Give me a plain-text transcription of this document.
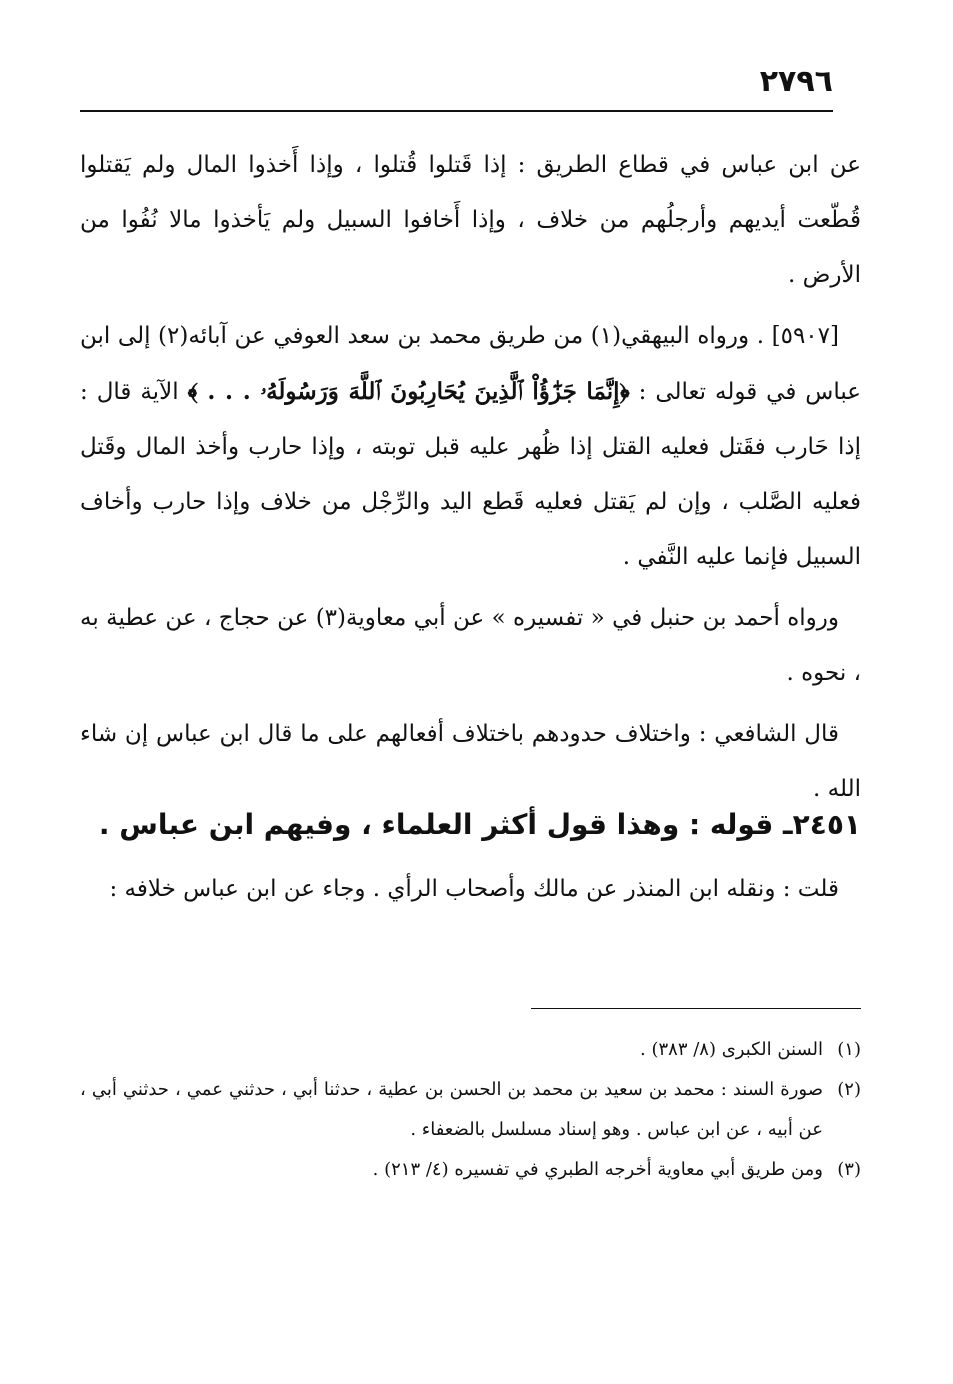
٢٧٩٦

عن ابن عباس في قطاع الطريق : إذا قَتلوا قُتلوا ، وإذا أَخذوا المال ولم يَقتلوا قُطّعت أيديهم وأرجلُهم من خلاف ، وإذا أَخافوا السبيل ولم يَأخذوا مالا نُفُوا من الأرض .

[٥٩٠٧] . ورواه البيهقي(١) من طريق محمد بن سعد العوفي عن آبائه(٢) إلى ابن عباس في قوله تعالى : ﴿إِنَّمَا جَزَٰٓؤُاْ ٱلَّذِينَ يُحَارِبُونَ ٱللَّهَ وَرَسُولَهُۥ . . . ﴾ الآية قال : إذا حَارب فقَتل فعليه القتل إذا ظُهر عليه قبل توبته ، وإذا حارب وأخذ المال وقَتل فعليه الصَّلب ، وإن لم يَقتل فعليه قَطع اليد والرِّجْل من خلاف وإذا حارب وأخاف السبيل فإنما عليه النَّفي .

ورواه أحمد بن حنبل في « تفسيره » عن أبي معاوية(٣) عن حجاج ، عن عطية به ، نحوه .

قال الشافعي : واختلاف حدودهم باختلاف أفعالهم على ما قال ابن عباس إن شاء الله .

٢٤٥١ـ قوله : وهذا قول أكثر العلماء ، وفيهم ابن عباس .

قلت : ونقله ابن المنذر عن مالك وأصحاب الرأي . وجاء عن ابن عباس خلافه :

(١)
السنن الكبرى (٨/ ٣٨٣) .
(٢)
صورة السند : محمد بن سعيد بن محمد بن الحسن بن عطية ، حدثنا أبي ، حدثني عمي ، حدثني أبي ، عن أبيه ، عن ابن عباس . وهو إسناد مسلسل بالضعفاء .
(٣)
ومن طريق أبي معاوية أخرجه الطبري في تفسيره (٤/ ٢١٣) .
